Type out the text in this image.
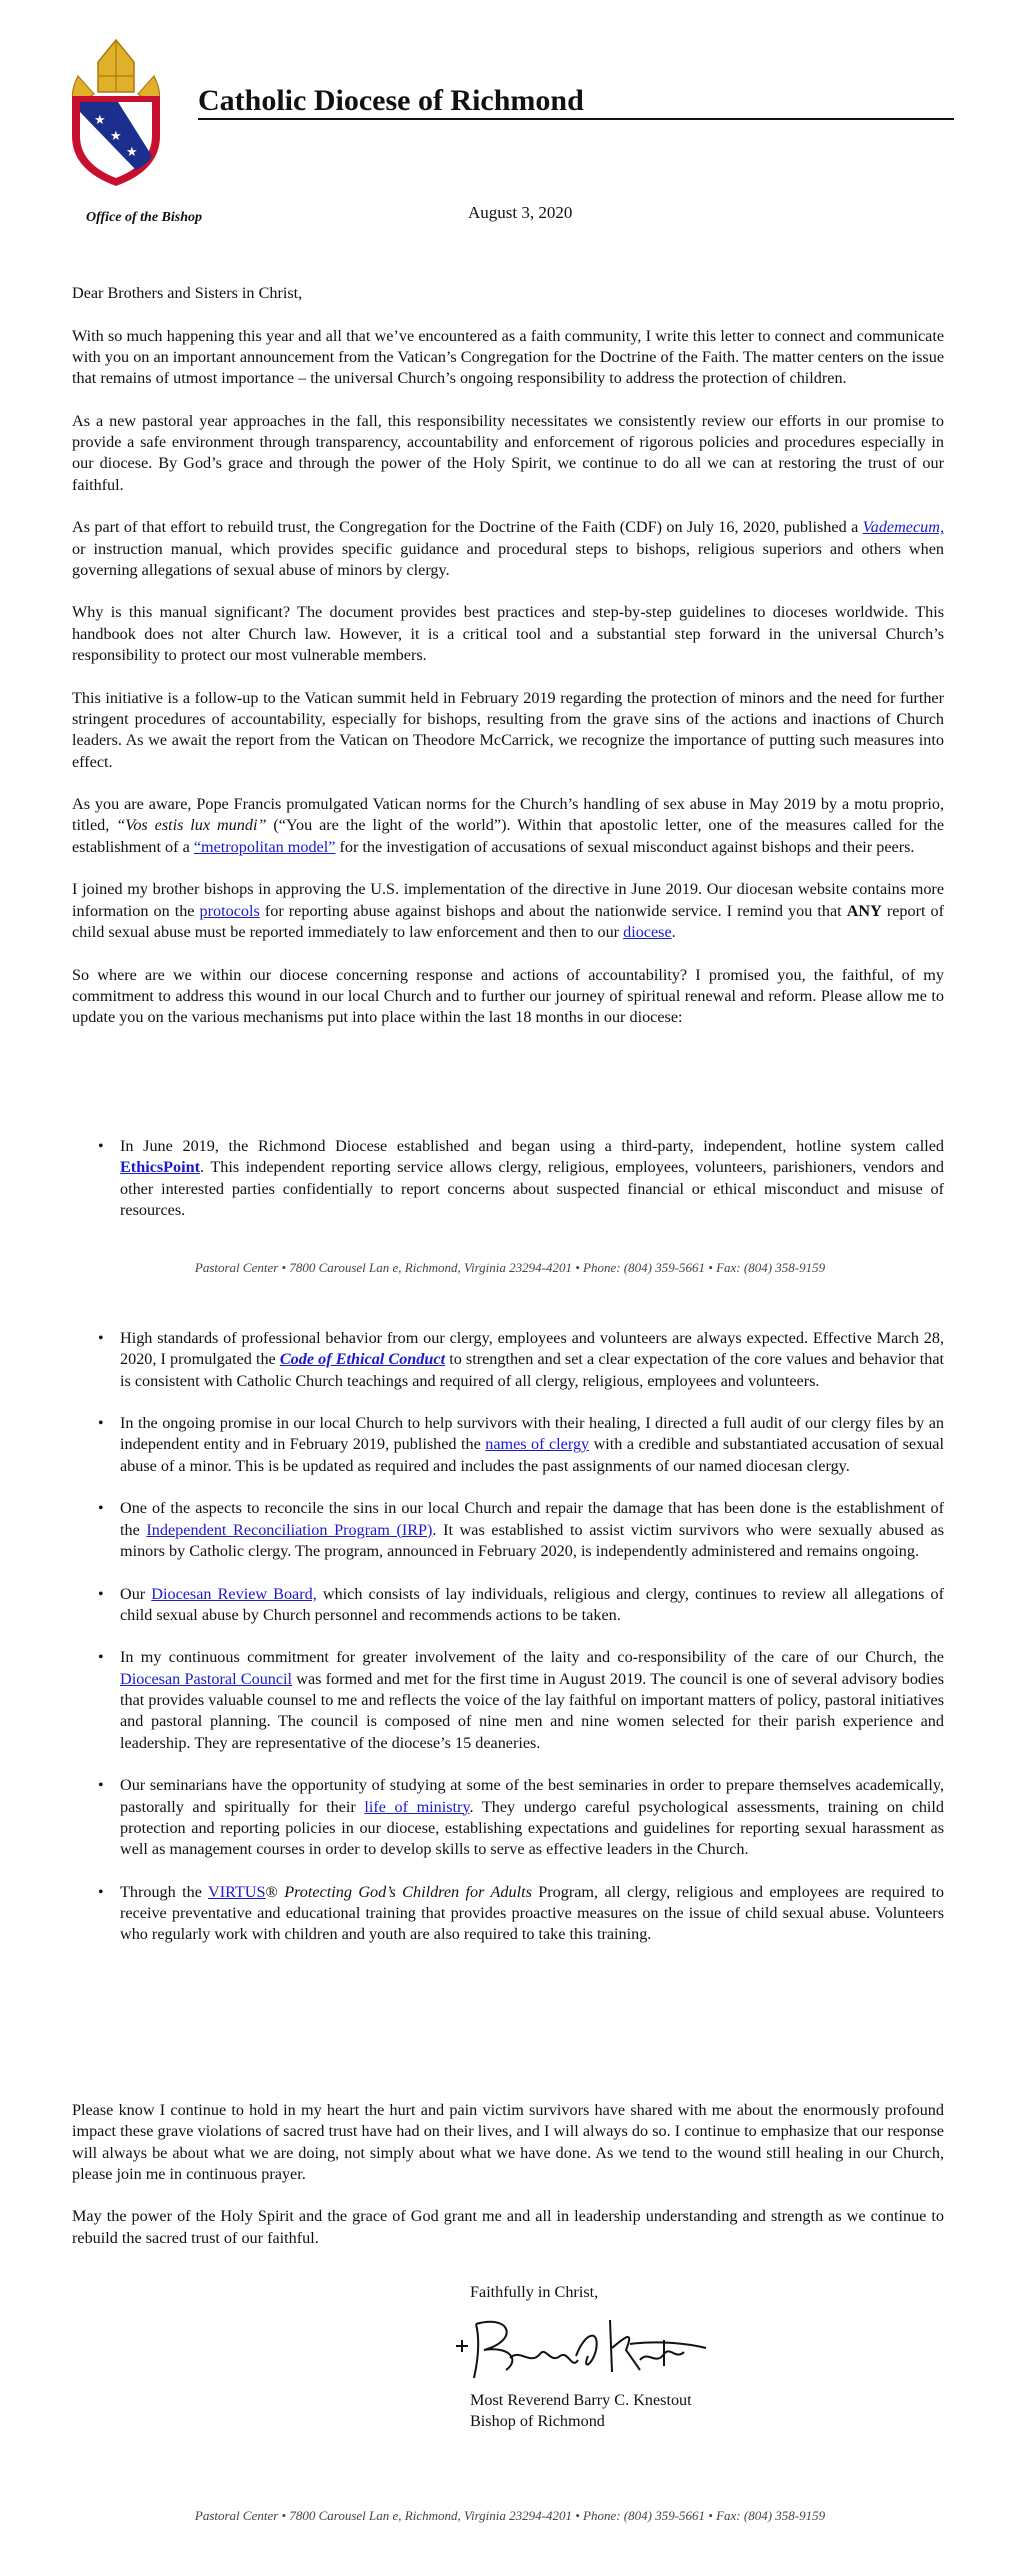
★
★
★
Catholic Diocese of Richmond
Office of the Bishop	August 3, 2020

Dear Brothers and Sisters in Christ,

With so much happening this year and all that we’ve encountered as a faith community, I write this letter to connect and communicate with you on an important announcement from the Vatican’s Congregation for the Doctrine of the Faith. The matter centers on the issue that remains of utmost importance – the universal Church’s ongoing responsibility to address the protection of children.

As a new pastoral year approaches in the fall, this responsibility necessitates we consistently review our efforts in our promise to provide a safe environment through transparency, accountability and enforcement of rigorous policies and procedures especially in our diocese. By God’s grace and through the power of the Holy Spirit, we continue to do all we can at restoring the trust of our faithful.

As part of that effort to rebuild trust, the Congregation for the Doctrine of the Faith (CDF) on July 16, 2020, published a Vademecum, or instruction manual, which provides specific guidance and procedural steps to bishops, religious superiors and others when governing allegations of sexual abuse of minors by clergy.

Why is this manual significant? The document provides best practices and step-by-step guidelines to dioceses worldwide. This handbook does not alter Church law. However, it is a critical tool and a substantial step forward in the universal Church’s responsibility to protect our most vulnerable members.

This initiative is a follow-up to the Vatican summit held in February 2019 regarding the protection of minors and the need for further stringent procedures of accountability, especially for bishops, resulting from the grave sins of the actions and inactions of Church leaders. As we await the report from the Vatican on Theodore McCarrick, we recognize the importance of putting such measures into effect.

As you are aware, Pope Francis promulgated Vatican norms for the Church’s handling of sex abuse in May 2019 by a motu proprio, titled, “Vos estis lux mundi” (“You are the light of the world”). Within that apostolic letter, one of the measures called for the establishment of a “metropolitan model” for the investigation of accusations of sexual misconduct against bishops and their peers.

I joined my brother bishops in approving the U.S. implementation of the directive in June 2019. Our diocesan website contains more information on the protocols for reporting abuse against bishops and about the nationwide service. I remind you that ANY report of child sexual abuse must be reported immediately to law enforcement and then to our diocese.

So where are we within our diocese concerning response and actions of accountability? I promised you, the faithful, of my commitment to address this wound in our local Church and to further our journey of spiritual renewal and reform. Please allow me to update you on the various mechanisms put into place within the last 18 months in our diocese:

• In June 2019, the Richmond Diocese established and began using a third-party, independent, hotline system called EthicsPoint. This independent reporting service allows clergy, religious, employees, volunteers, parishioners, vendors and other interested parties confidentially to report concerns about suspected financial or ethical misconduct and misuse of resources.
Pastoral Center • 7800 Carousel Lan e, Richmond, Virginia 23294-4201 • Phone: (804) 359-5661 • Fax: (804) 358-9159
• High standards of professional behavior from our clergy, employees and volunteers are always expected. Effective March 28, 2020, I promulgated the Code of Ethical Conduct to strengthen and set a clear expectation of the core values and behavior that is consistent with Catholic Church teachings and required of all clergy, religious, employees and volunteers.
• In the ongoing promise in our local Church to help survivors with their healing, I directed a full audit of our clergy files by an independent entity and in February 2019, published the names of clergy with a credible and substantiated accusation of sexual abuse of a minor. This is be updated as required and includes the past assignments of our named diocesan clergy.
• One of the aspects to reconcile the sins in our local Church and repair the damage that has been done is the establishment of the Independent Reconciliation Program (IRP). It was established to assist victim survivors who were sexually abused as minors by Catholic clergy. The program, announced in February 2020, is independently administered and remains ongoing.
• Our Diocesan Review Board, which consists of lay individuals, religious and clergy, continues to review all allegations of child sexual abuse by Church personnel and recommends actions to be taken.
• In my continuous commitment for greater involvement of the laity and co-responsibility of the care of our Church, the Diocesan Pastoral Council was formed and met for the first time in August 2019. The council is one of several advisory bodies that provides valuable counsel to me and reflects the voice of the lay faithful on important matters of policy, pastoral initiatives and pastoral planning. The council is composed of nine men and nine women selected for their parish experience and leadership. They are representative of the diocese’s 15 deaneries.
• Our seminarians have the opportunity of studying at some of the best seminaries in order to prepare themselves academically, pastorally and spiritually for their life of ministry. They undergo careful psychological assessments, training on child protection and reporting policies in our diocese, establishing expectations and guidelines for reporting sexual harassment as well as management courses in order to develop skills to serve as effective leaders in the Church.
• Through the VIRTUS® Protecting God’s Children for Adults Program, all clergy, religious and employees are required to receive preventative and educational training that provides proactive measures on the issue of child sexual abuse. Volunteers who regularly work with children and youth are also required to take this training.

Please know I continue to hold in my heart the hurt and pain victim survivors have shared with me about the enormously profound impact these grave violations of sacred trust have had on their lives, and I will always do so. I continue to emphasize that our response will always be about what we are doing, not simply about what we have done. As we tend to the wound still healing in our Church, please join me in continuous prayer.

May the power of the Holy Spirit and the grace of God grant me and all in leadership understanding and strength as we continue to rebuild the sacred trust of our faithful.

Faithfully in Christ,
Most Reverend Barry C. Knestout
Bishop of Richmond
Pastoral Center • 7800 Carousel Lan e, Richmond, Virginia 23294-4201 • Phone: (804) 359-5661 • Fax: (804) 358-9159
